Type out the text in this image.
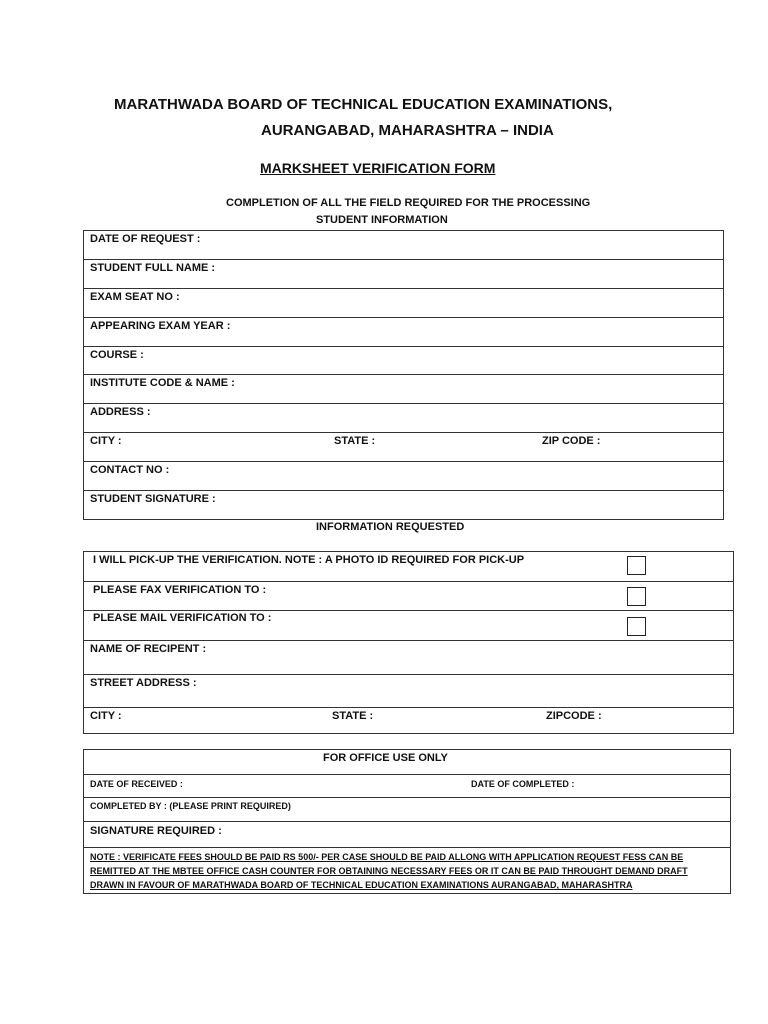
MARATHWADA BOARD OF TECHNICAL EDUCATION EXAMINATIONS,
AURANGABAD, MAHARASHTRA – INDIA
MARKSHEET VERIFICATION FORM
COMPLETION OF ALL THE FIELD REQUIRED FOR THE PROCESSING
STUDENT INFORMATION
DATE OF REQUEST :
STUDENT FULL NAME :
EXAM SEAT NO :
APPEARING EXAM YEAR :
COURSE :
INSTITUTE CODE & NAME :
ADDRESS :
CITY :	STATE :	ZIP CODE :
CONTACT NO :
STUDENT SIGNATURE :
INFORMATION REQUESTED
I WILL PICK-UP THE VERIFICATION. NOTE : A PHOTO ID REQUIRED FOR PICK-UP
PLEASE FAX VERIFICATION TO :
PLEASE MAIL VERIFICATION TO :
NAME OF RECIPENT :
STREET ADDRESS :
CITY :	STATE :	ZIPCODE :
FOR OFFICE USE ONLY
DATE OF RECEIVED :	DATE OF COMPLETED :
COMPLETED BY : (PLEASE PRINT REQUIRED)
SIGNATURE REQUIRED :
NOTE : VERIFICATE FEES SHOULD BE PAID RS 500/- PER CASE SHOULD BE PAID ALLONG WITH APPLICATION REQUEST FESS CAN BE
REMITTED AT THE MBTEE OFFICE CASH COUNTER FOR OBTAINING NECESSARY FEES OR IT CAN BE PAID THROUGHT DEMAND DRAFT
DRAWN IN FAVOUR OF MARATHWADA BOARD OF TECHNICAL EDUCATION EXAMINATIONS AURANGABAD, MAHARASHTRA
